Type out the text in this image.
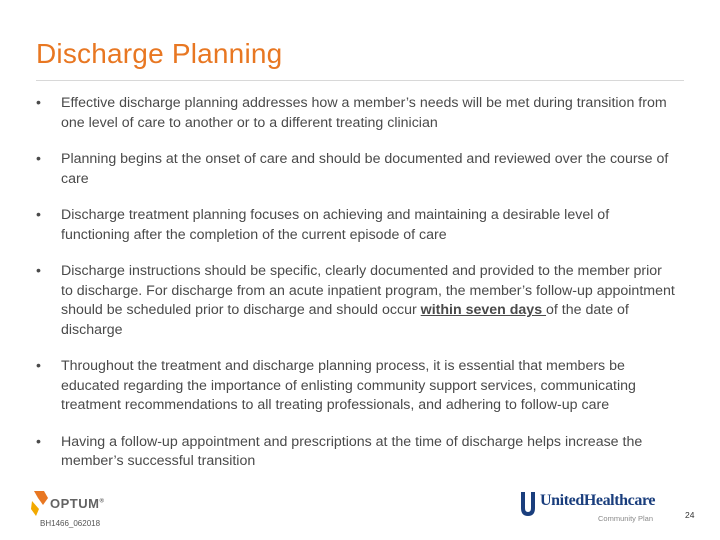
Discharge Planning
• Effective discharge planning addresses how a member’s needs will be met during transition from one level of care to another or to a different treating clinician
• Planning begins at the onset of care and should be documented and reviewed over the course of care
• Discharge treatment planning focuses on achieving and maintaining a desirable level of functioning after the completion of the current episode of care
• Discharge instructions should be specific, clearly documented and provided to the member prior to discharge. For discharge from an acute inpatient program, the member’s follow-up appointment should be scheduled prior to discharge and should occur within seven days of the date of discharge
• Throughout the treatment and discharge planning process, it is essential that members be educated regarding the importance of enlisting community support services, communicating treatment recommendations to all treating professionals, and adhering to follow-up care
• Having a follow-up appointment and prescriptions at the time of discharge helps increase the member’s successful transition
OPTUM®
BH1466_062018
UnitedHealthcare
Community Plan	24
